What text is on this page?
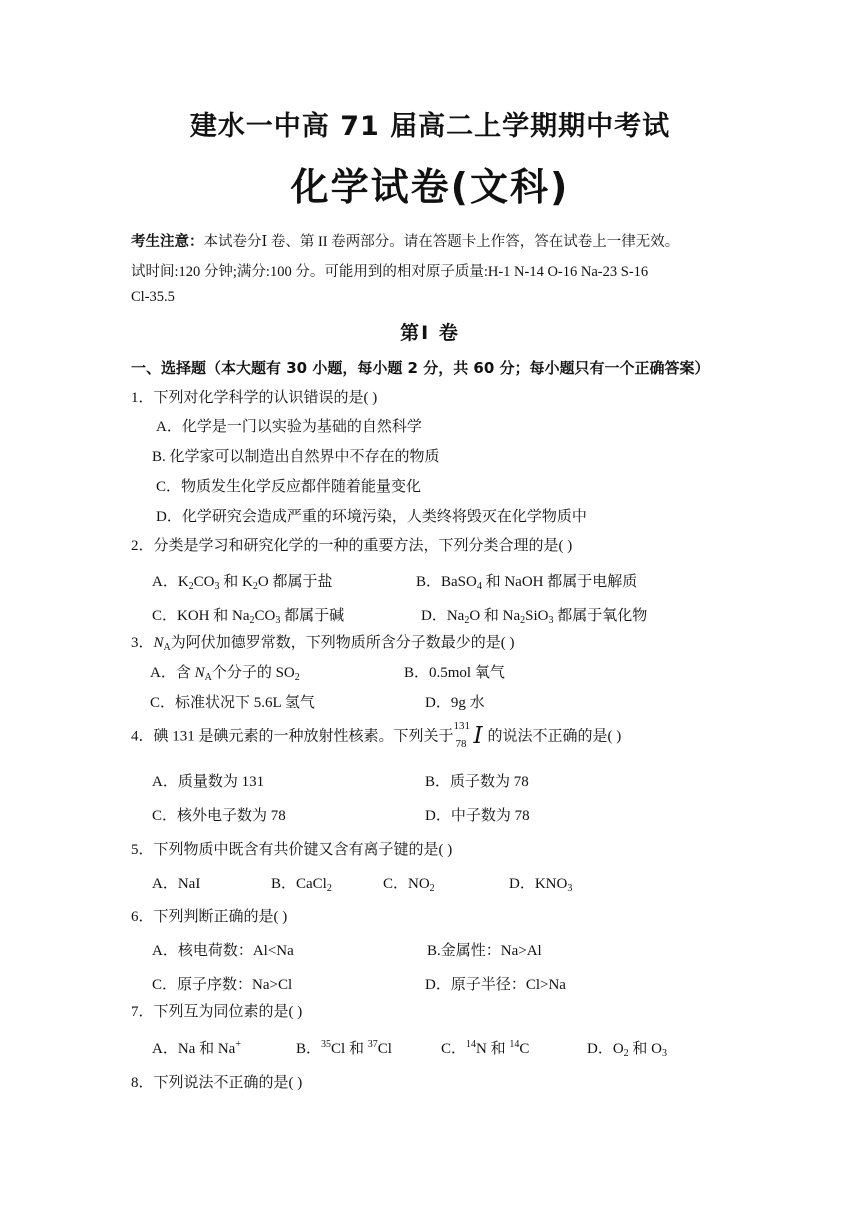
建水一中高 71 届高二上学期期中考试
化学试卷(文科)
考生注意：本试卷分Ⅰ 卷、第 II 卷两部分。请在答题卡上作答，答在试卷上一律无效。
试时间:120 分钟;满分:100 分。可能用到的相对原子质量:H-1 N-14 O-16 Na-23 S-16
Cl-35.5
第Ⅰ 卷
一、选择题（本大题有 30 小题，每小题 2 分，共 60 分；每小题只有一个正确答案）
1．下列对化学科学的认识错误的是( )
A．化学是一门以实验为基础的自然科学
B. 化学家可以制造出自然界中不存在的物质
C．物质发生化学反应都伴随着能量变化
D．化学研究会造成严重的环境污染，人类终将毁灭在化学物质中
2．分类是学习和研究化学的一种的重要方法，下列分类合理的是( )
A．$K_2CO_3$ 和 $K_2O$ 都属于盐	B．BaSO$_4$ 和 NaOH 都属于电解质
C．KOH 和 $Na_2CO_3$ 都属于碱	D．$Na_2O$ 和 $Na_2SiO_3$ 都属于氧化物
3．$N_A$为阿伏加德罗常数，下列物质所含分子数最少的是( )
A．含 $N_A$个分子的 $SO_2$	B．0.5mol 氧气
C．标准状况下 5.6L 氢气	D．9g 水
4．碘 131 是碘元素的一种放射性核素。下列关于
131
78 I 的说法不正确的是( )
A．质量数为 131	B．质子数为 78
C．核外电子数为 78	D．中子数为 78
5．下列物质中既含有共价键又含有离子键的是( )
A．NaI	B．CaCl$_2$	C．$NO_2$	D．$KNO_3$
6．下列判断正确的是( )
A．核电荷数：Al<Na	B.金属性：Na>Al
C．原子序数：Na>Cl	D．原子半径：Cl>Na
7．下列互为同位素的是( )
A．Na 和 Na+	B．$^{35}$Cl 和 $^{37}$Cl	C．$^{14}$N 和 $^{14}$C	D．$O_2$ 和 $O_3$
8．下列说法不正确的是( )
